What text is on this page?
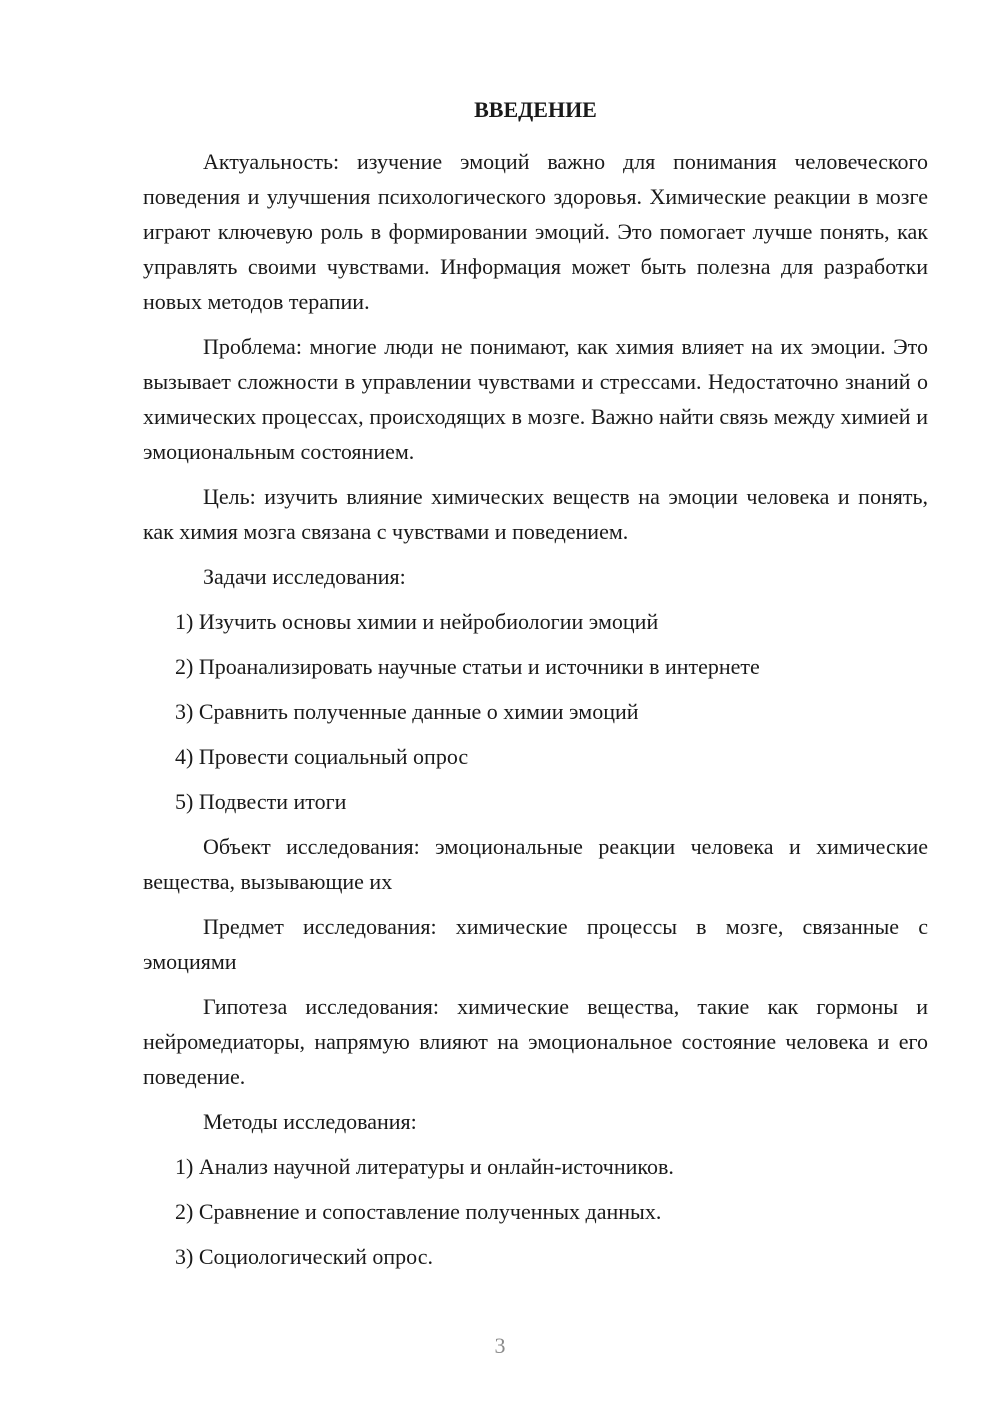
ВВЕДЕНИЕ

Актуальность: изучение эмоций важно для понимания человеческого поведения и улучшения психологического здоровья. Химические реакции в мозге играют ключевую роль в формировании эмоций. Это помогает лучше понять, как управлять своими чувствами. Информация может быть полезна для разработки новых методов терапии.

Проблема: многие люди не понимают, как химия влияет на их эмоции. Это вызывает сложности в управлении чувствами и стрессами. Недостаточно знаний о химических процессах, происходящих в мозге. Важно найти связь между химией и эмоциональным состоянием.

Цель: изучить влияние химических веществ на эмоции человека и понять, как химия мозга связана с чувствами и поведением.

Задачи исследования:

1) Изучить основы химии и нейробиологии эмоций

2) Проанализировать научные статьи и источники в интернете

3) Сравнить полученные данные о химии эмоций

4) Провести социальный опрос

5) Подвести итоги

Объект исследования: эмоциональные реакции человека и химические вещества, вызывающие их

Предмет исследования: химические процессы в мозге, связанные с эмоциями

Гипотеза исследования: химические вещества, такие как гормоны и нейромедиаторы, напрямую влияют на эмоциональное состояние человека и его поведение.

Методы исследования:

1) Анализ научной литературы и онлайн-источников.

2) Сравнение и сопоставление полученных данных.

3) Социологический опрос.

3
